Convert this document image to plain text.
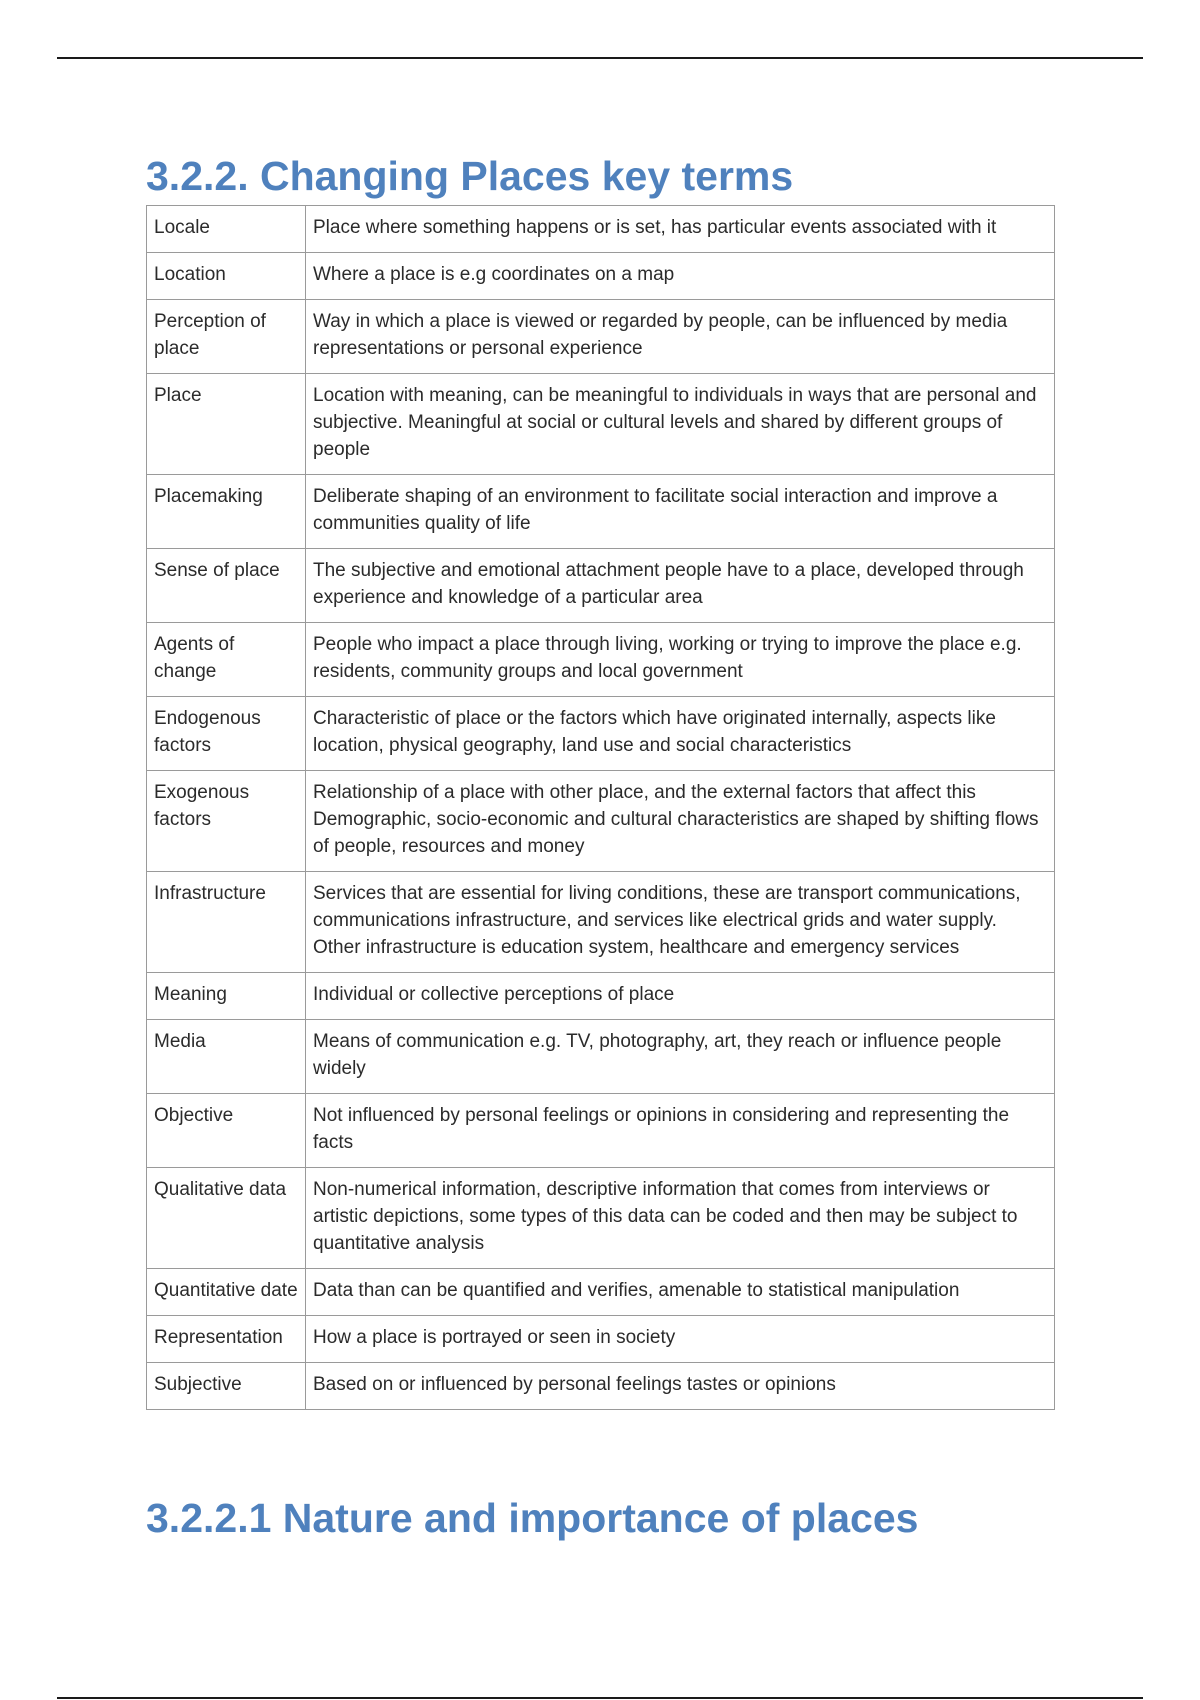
3.2.2. Changing Places key terms
Locale	Place where something happens or is set, has particular events associated with it
Location	Where a place is e.g coordinates on a map
Perception of place	Way in which a place is viewed or regarded by people, can be influenced by media representations or personal experience
Place	Location with meaning, can be meaningful to individuals in ways that are personal and subjective. Meaningful at social or cultural levels and shared by different groups of people
Placemaking	Deliberate shaping of an environment to facilitate social interaction and improve a communities quality of life
Sense of place	The subjective and emotional attachment people have to a place, developed through experience and knowledge of a particular area
Agents of change	People who impact a place through living, working or trying to improve the place e.g. residents, community groups and local government
Endogenous factors	Characteristic of place or the factors which have originated internally, aspects like location, physical geography, land use and social characteristics
Exogenous factors	Relationship of a place with other place, and the external factors that affect this Demographic, socio-economic and cultural characteristics are shaped by shifting flows of people, resources and money
Infrastructure	Services that are essential for living conditions, these are transport communications, communications infrastructure, and services like electrical grids and water supply. Other infrastructure is education system, healthcare and emergency services
Meaning	Individual or collective perceptions of place
Media	Means of communication e.g. TV, photography, art, they reach or influence people widely
Objective	Not influenced by personal feelings or opinions in considering and representing the facts
Qualitative data	Non-numerical information, descriptive information that comes from interviews or artistic depictions, some types of this data can be coded and then may be subject to quantitative analysis
Quantitative date	Data than can be quantified and verifies, amenable to statistical manipulation
Representation	How a place is portrayed or seen in society
Subjective	Based on or influenced by personal feelings tastes or opinions
3.2.2.1 Nature and importance of places
